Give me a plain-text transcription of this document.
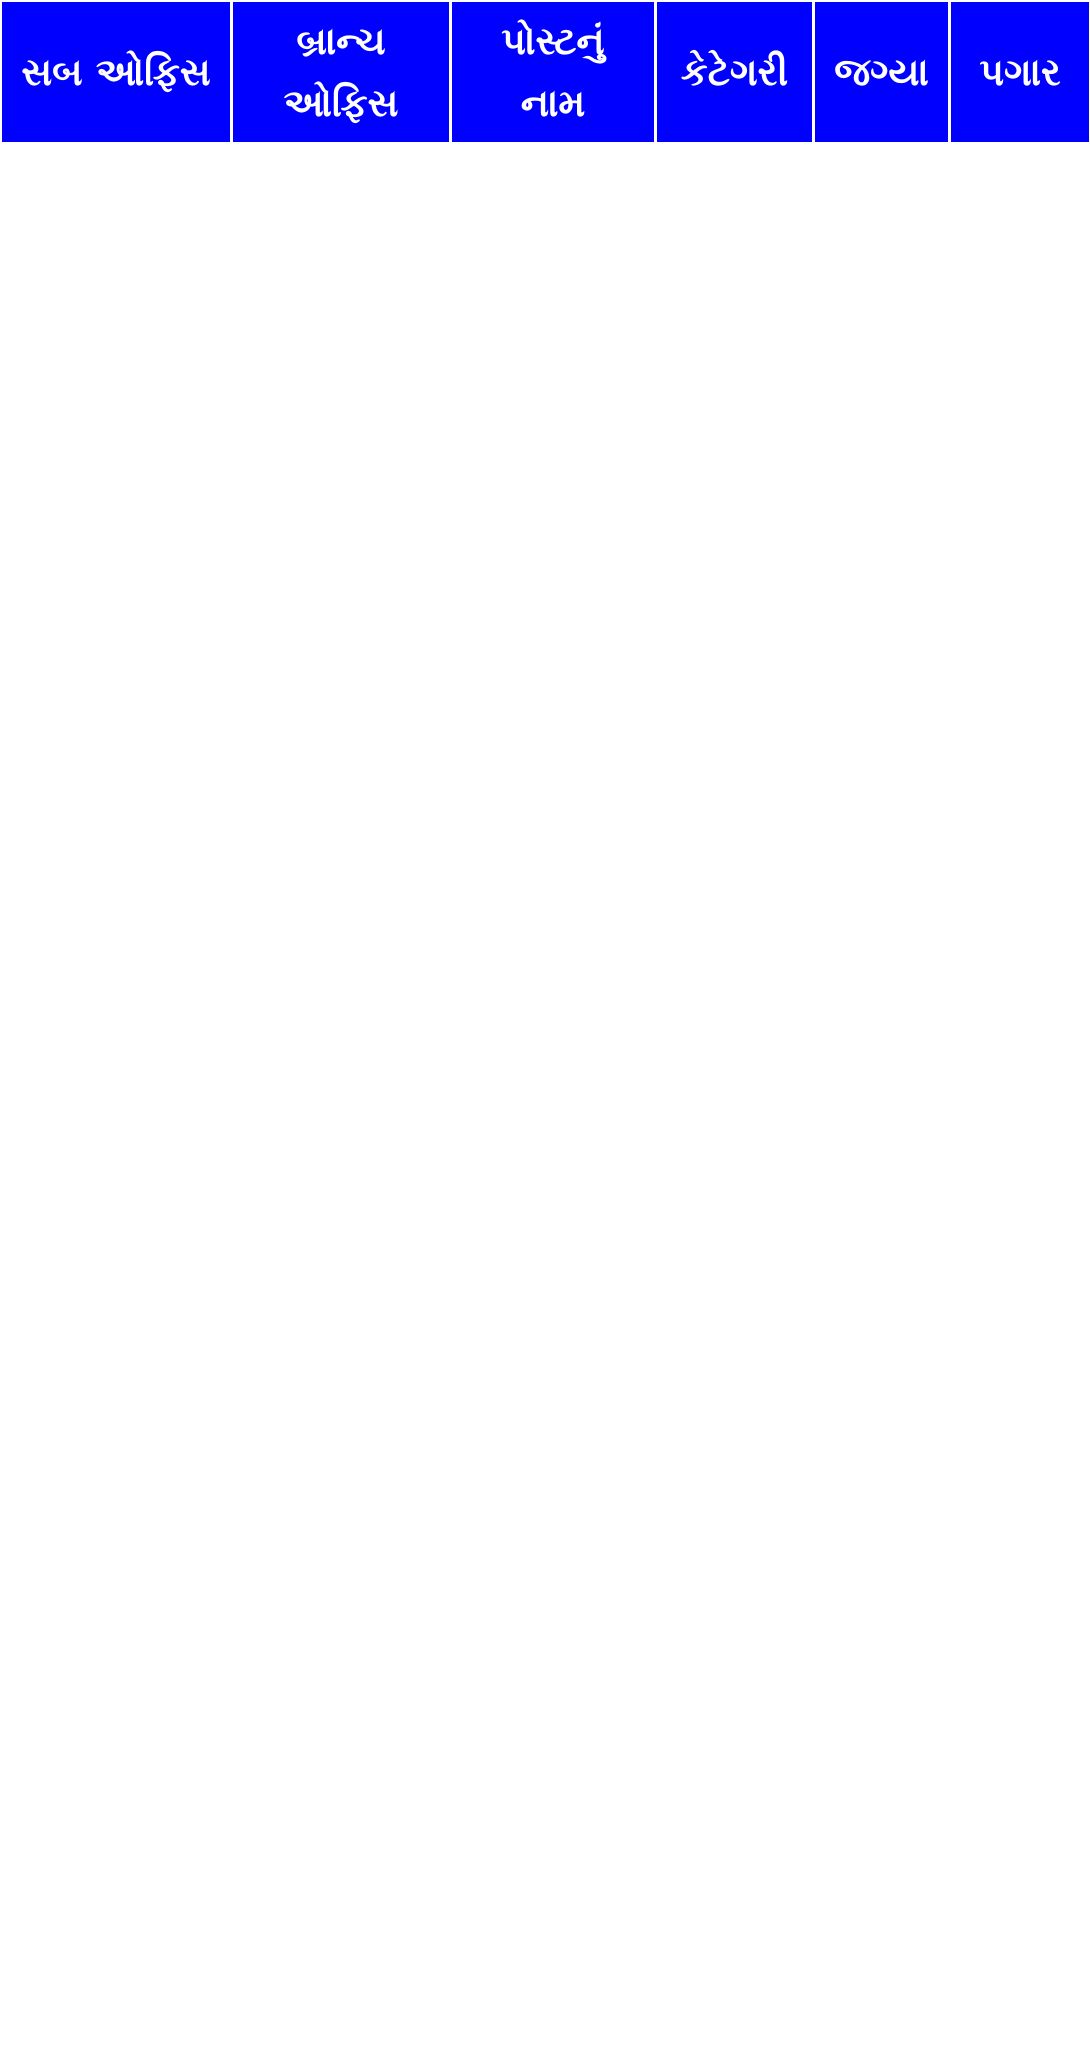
સબ ઓફિસ	બ્રાન્ચ ઓફિસ	પોસ્ટનું નામ	કેટેગરી	જગ્યા	પગાર
